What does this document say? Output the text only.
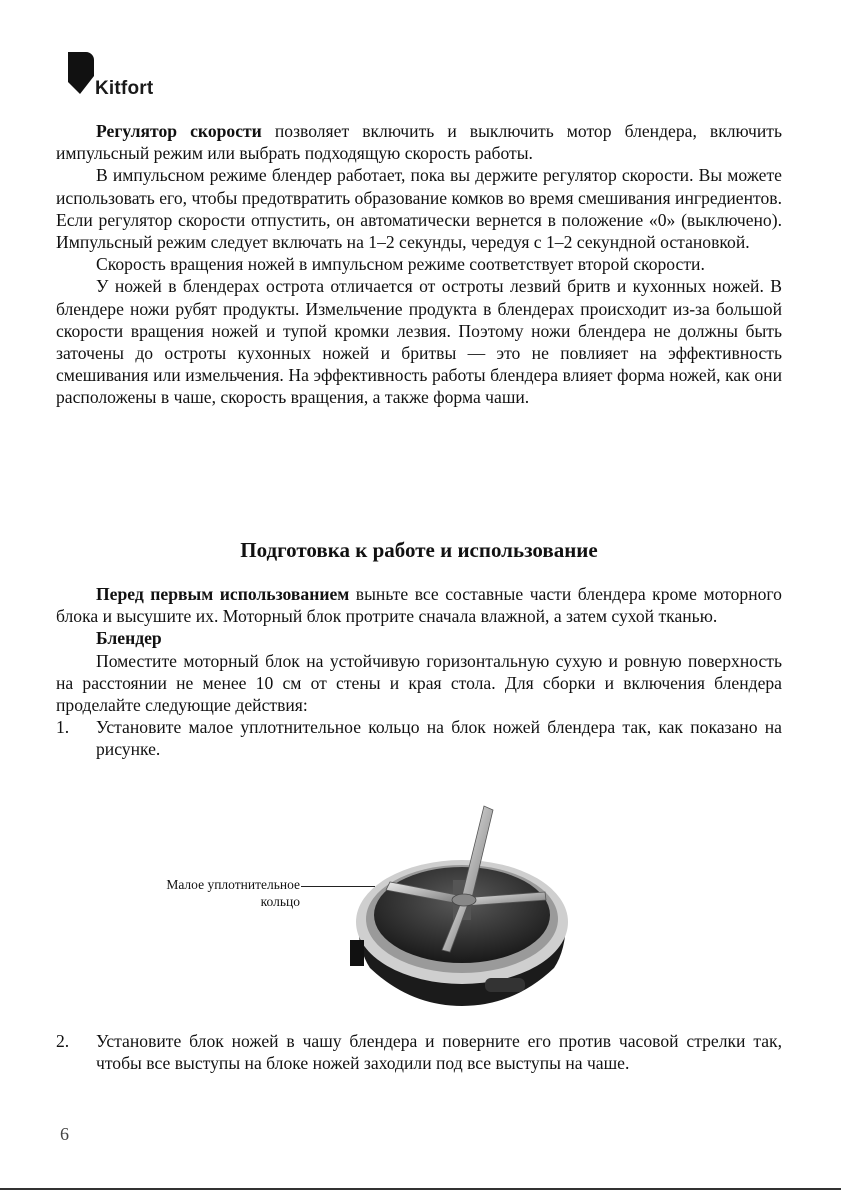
Kitfort

Регулятор скорости позволяет включить и выключить мотор блендера, включить импульсный режим или выбрать подходящую скорость работы.

В импульсном режиме блендер работает, пока вы держите регулятор скорости. Вы можете использовать его, чтобы предотвратить образование комков во время смешивания ингредиентов. Если регулятор скорости отпустить, он автоматически вернется в положение «0» (выключено). Импульсный режим следует включать на 1–2 секунды, чередуя с 1–2 секундной остановкой.

Скорость вращения ножей в импульсном режиме соответствует второй скорости.

У ножей в блендерах острота отличается от остроты лезвий бритв и кухонных ножей. В блендере ножи рубят продукты. Измельчение продукта в блендерах происходит из-за большой скорости вращения ножей и тупой кромки лезвия. Поэтому ножи блендера не должны быть заточены до остроты кухонных ножей и бритвы — это не повлияет на эффективность смешивания или измельчения. На эффективность работы блендера влияет форма ножей, как они расположены в чаше, скорость вращения, а также форма чаши.

Подготовка к работе и использование

Перед первым использованием выньте все составные части блендера кроме моторного блока и высушите их. Моторный блок протрите сначала влажной, а затем сухой тканью.

Блендер

Поместите моторный блок на устойчивую горизонтальную сухую и ровную поверхность на расстоянии не менее 10 см от стены и края стола. Для сборки и включения блендера проделайте следующие действия:

1.	Установите малое уплотнительное кольцо на блок ножей блендера так, как показано на рисунке.
Малое уплотнительное
кольцо
2.	Установите блок ножей в чашу блендера и поверните его против часовой стрелки так, чтобы все выступы на блоке ножей заходили под все выступы на чаше.
6
